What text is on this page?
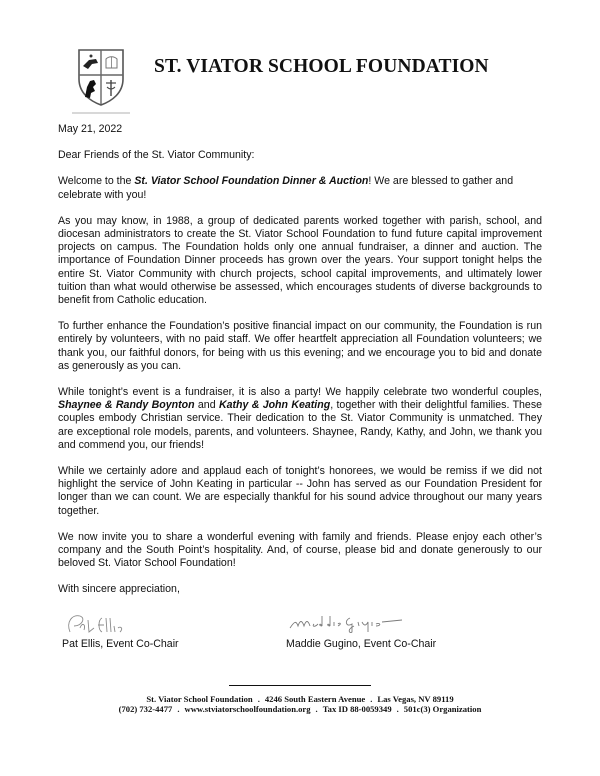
ST. VIATOR SCHOOL FOUNDATION

May 21, 2022

Dear Friends of the St. Viator Community:

Welcome to the St. Viator School Foundation Dinner & Auction! We are blessed to gather and celebrate with you!

As you may know, in 1988, a group of dedicated parents worked together with parish, school, and diocesan administrators to create the St. Viator School Foundation to fund future capital improvement projects on campus. The Foundation holds only one annual fundraiser, a dinner and auction. The importance of Foundation Dinner proceeds has grown over the years. Your support tonight helps the entire St. Viator Community with church projects, school capital improvements, and ultimately lower tuition than what would otherwise be assessed, which encourages students of diverse backgrounds to benefit from Catholic education.

To further enhance the Foundation’s positive financial impact on our community, the Foundation is run entirely by volunteers, with no paid staff. We offer heartfelt appreciation all Foundation volunteers; we thank you, our faithful donors, for being with us this evening; and we encourage you to bid and donate as generously as you can.

While tonight’s event is a fundraiser, it is also a party! We happily celebrate two wonderful couples, Shaynee & Randy Boynton and Kathy & John Keating, together with their delightful families. These couples embody Christian service. Their dedication to the St. Viator Community is unmatched. They are exceptional role models, parents, and volunteers. Shaynee, Randy, Kathy, and John, we thank you and commend you, our friends!

While we certainly adore and applaud each of tonight’s honorees, we would be remiss if we did not highlight the service of John Keating in particular -- John has served as our Foundation President for longer than we can count. We are especially thankful for his sound advice throughout our many years together.

We now invite you to share a wonderful evening with family and friends. Please enjoy each other’s company and the South Point’s hospitality. And, of course, please bid and donate generously to our beloved St. Viator School Foundation!

With sincere appreciation,

Pat Ellis, Event Co-Chair	Maddie Gugino, Event Co-Chair
St. Viator School Foundation . 4246 South Eastern Avenue . Las Vegas, NV 89119
(702) 732-4477 . www.stviatorschoolfoundation.org . Tax ID 88-0059349 . 501c(3) Organization
